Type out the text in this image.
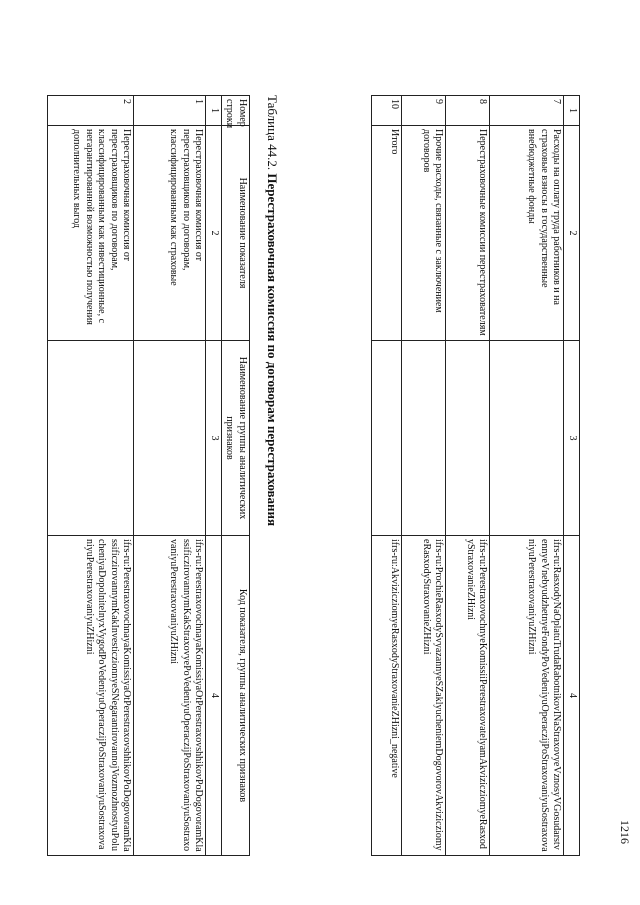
1216
1	2	3	4
7	Расходы на оплату труда работников и на страховые взносы в государственные внебюджетные фонды		ifrs-ru:RasxodyNaOplatuTrudaRabotnikovINaStraxovyeVznosyVGosudarstvennyeVnebyudzhetnyeFondyPoVedeniyuOperaczijPoStraxovaniyuSostraxovaniyuPerestraxovaniyuZHizni
8	Перестраховочные комиссии перестрахователям		ifrs-ru:PerestraxovochnyeKomissiiPerestraxovatelyamAkvizicziomyeRasxodyStraxovanieZHizni
9	Прочие расходы, связанные с заключением договоров		ifrs-ru:ProchieRasxodySvyazannyeSZaklyucheniemDogovorovAkvizicziomyeRasxodyStraxovanieZHizni
10	Итого		ifrs-ru:AkvizicziomyeRasxodyStraxovanieZHizni_negative
Таблица 44.2. Перестраховочная комиссия по договорам перестрахования
Номер строки	Наименование показателя	Наименование группы аналитических признаков	Код показателя, группы аналитических признаков
1	2	3	4
1	Перестраховочная комиссия от перестраховщиков по договорам, классифицированным как страховые		ifrs-ru:PerestraxovochnayaKomissiyaOtPerestraxovshhikovPoDogovoramKlassificzirovannymKakStraxovyePoVedeniyuOperaczijPoStraxovaniyuSostraxovaniyuPerestraxovaniyuZHizni
2	Перестраховочная комиссия от перестраховщиков по договорам, классифицированным как инвестиционные, с негарантированной возможностью получения дополнительных выгод		ifrs-ru:PerestraxovochnayaKomissiyaOtPerestraxovshhikovPoDogovoramKlassificzirovannymKakInvesticzionnyeSNegarantirovannojVozmozhnostyuPolucheniyaDopolnitelnyxVygodPoVedeniyuOperaczijPoStraxovaniyuSostraxovaniyuPerestraxovaniyuZHizni
